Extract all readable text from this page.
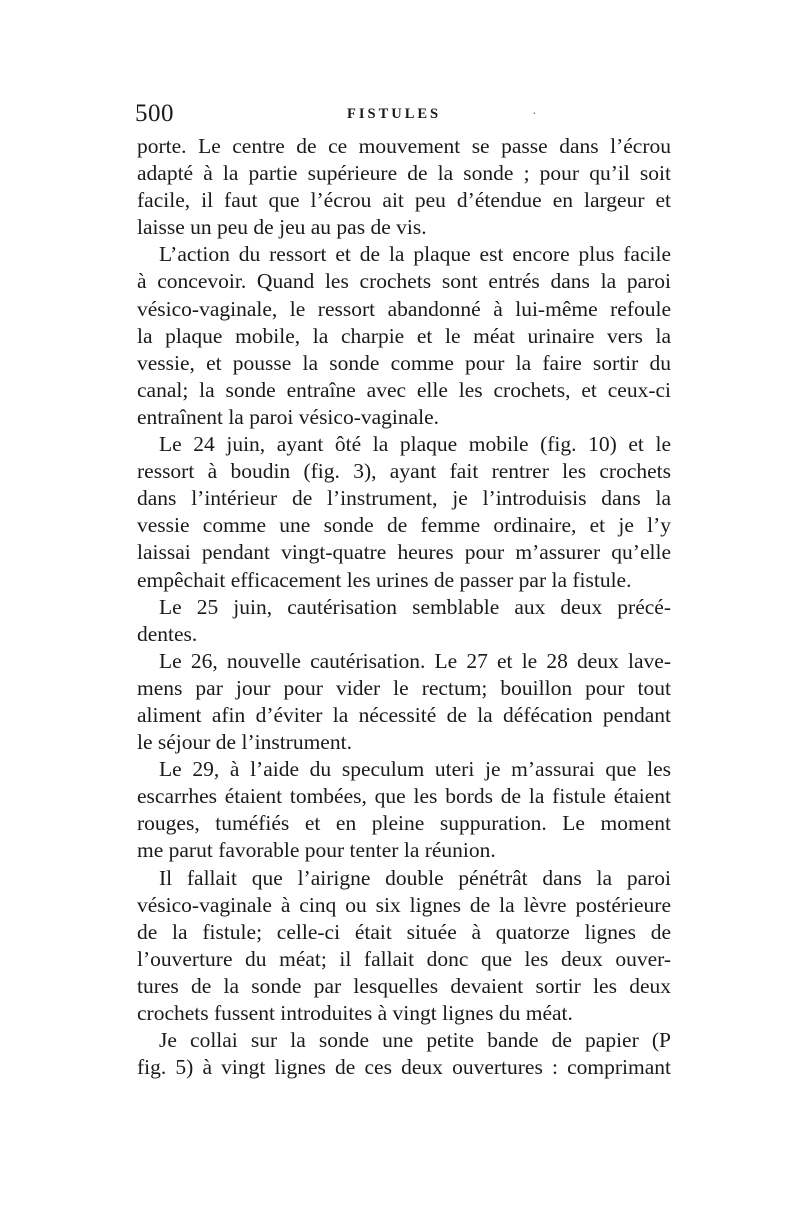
500	FISTULES	·
porte. Le centre de ce mouvement se passe dans l’écrou
adapté à la partie supérieure de la sonde ; pour qu’il soit
facile, il faut que l’écrou ait peu d’étendue en largeur et
laisse un peu de jeu au pas de vis.
L’action du ressort et de la plaque est encore plus facile
à concevoir. Quand les crochets sont entrés dans la paroi
vésico-vaginale, le ressort abandonné à lui-même refoule
la plaque mobile, la charpie et le méat urinaire vers la
vessie, et pousse la sonde comme pour la faire sortir du
canal; la sonde entraîne avec elle les crochets, et ceux-ci
entraînent la paroi vésico-vaginale.
Le 24 juin, ayant ôté la plaque mobile (fig. 10) et le
ressort à boudin (fig. 3), ayant fait rentrer les crochets
dans l’intérieur de l’instrument, je l’introduisis dans la
vessie comme une sonde de femme ordinaire, et je l’y
laissai pendant vingt-quatre heures pour m’assurer qu’elle
empêchait efficacement les urines de passer par la fistule.
Le 25 juin, cautérisation semblable aux deux précé-
dentes.
Le 26, nouvelle cautérisation. Le 27 et le 28 deux lave-
mens par jour pour vider le rectum; bouillon pour tout
aliment afin d’éviter la nécessité de la défécation pendant
le séjour de l’instrument.
Le 29, à l’aide du speculum uteri je m’assurai que les
escarrhes étaient tombées, que les bords de la fistule étaient
rouges, tuméfiés et en pleine suppuration. Le moment
me parut favorable pour tenter la réunion.
Il fallait que l’airigne double pénétrât dans la paroi
vésico-vaginale à cinq ou six lignes de la lèvre postérieure
de la fistule; celle-ci était située à quatorze lignes de
l’ouverture du méat; il fallait donc que les deux ouver-
tures de la sonde par lesquelles devaient sortir les deux
crochets fussent introduites à vingt lignes du méat.
Je collai sur la sonde une petite bande de papier (P
fig. 5) à vingt lignes de ces deux ouvertures : comprimant
